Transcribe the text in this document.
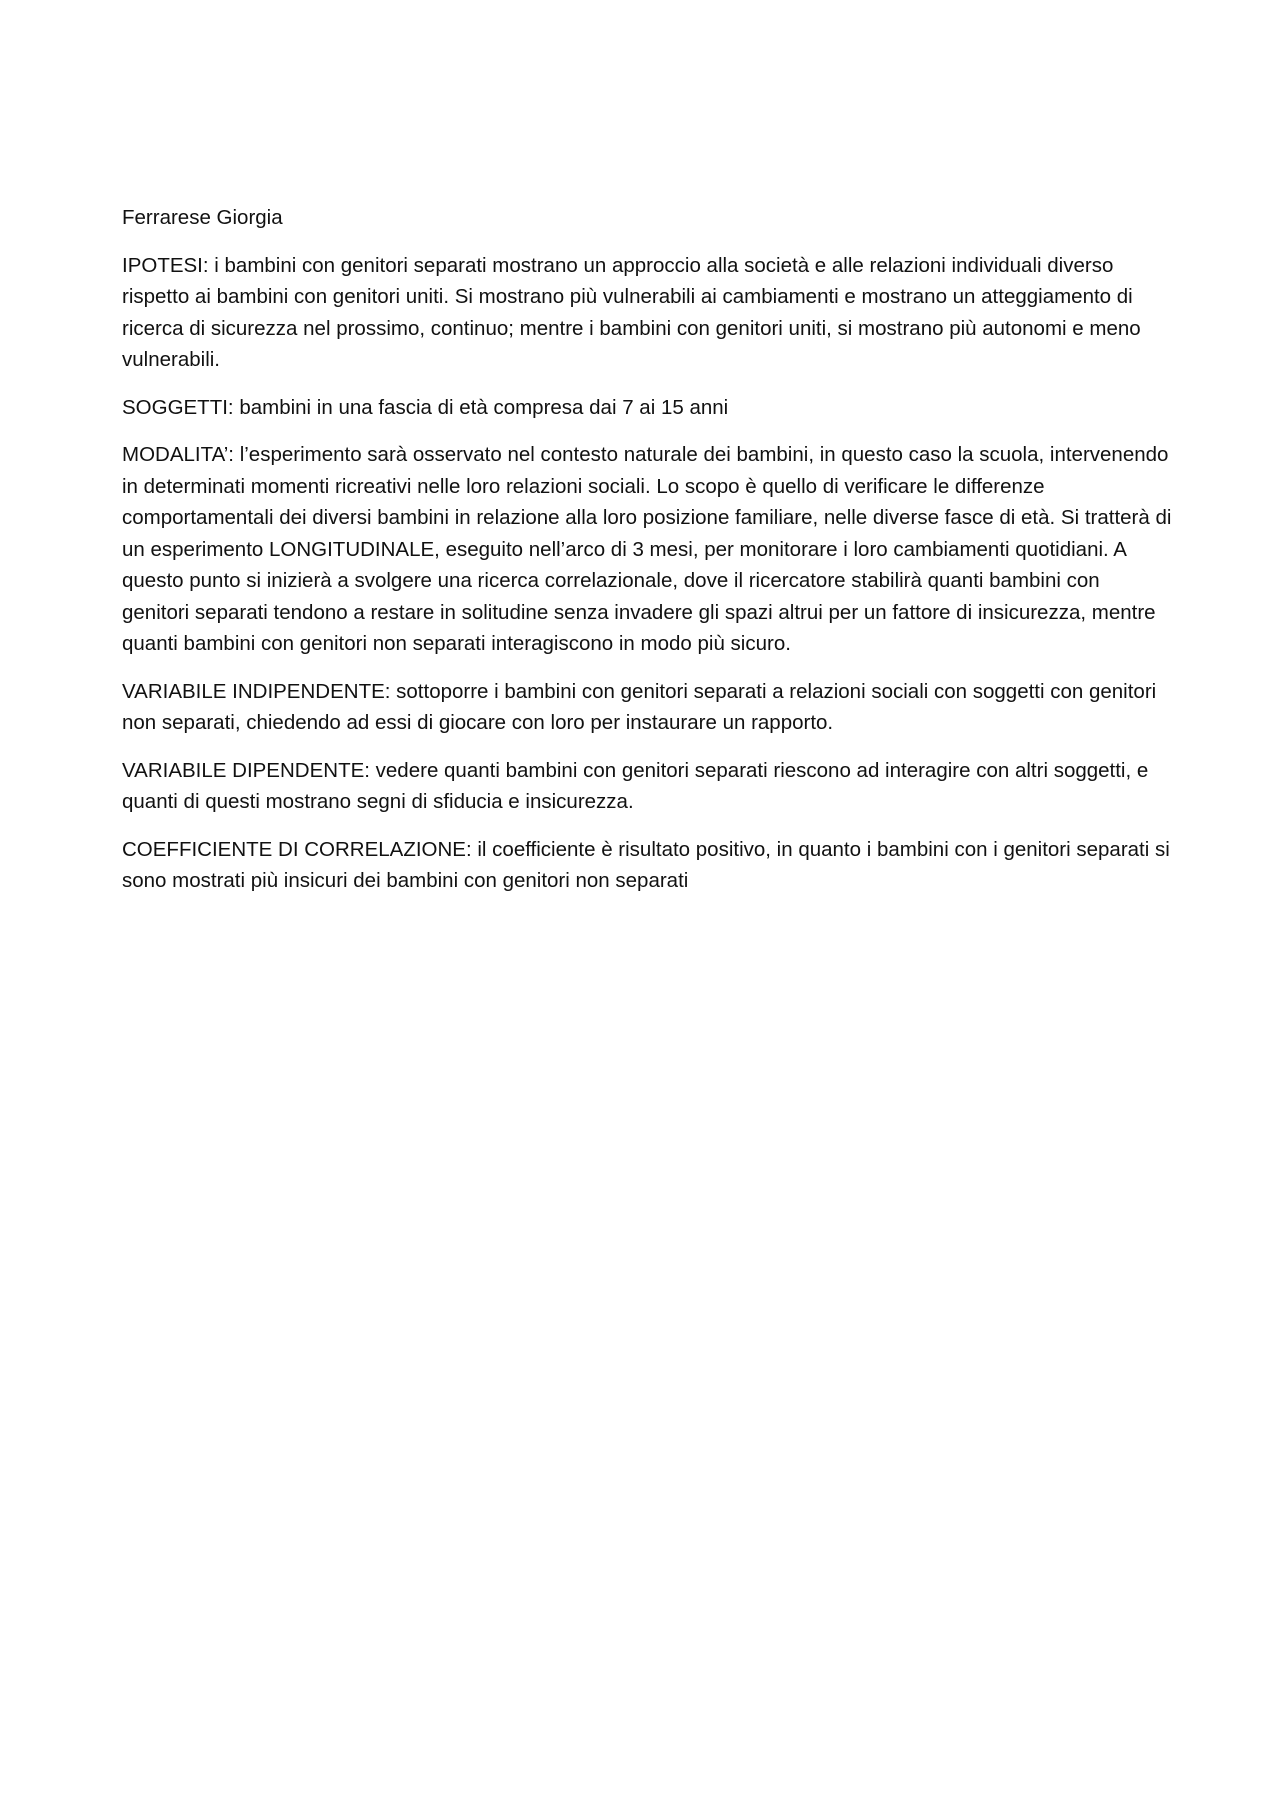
Ferrarese Giorgia

IPOTESI: i bambini con genitori separati mostrano un approccio alla società e alle relazioni individuali diverso rispetto ai bambini con genitori uniti. Si mostrano più vulnerabili ai cambiamenti e mostrano un atteggiamento di ricerca di sicurezza nel prossimo, continuo; mentre i bambini con genitori uniti, si mostrano più autonomi e meno vulnerabili.

SOGGETTI: bambini in una fascia di età compresa dai 7 ai 15 anni

MODALITA’: l’esperimento sarà osservato nel contesto naturale dei bambini, in questo caso la scuola, intervenendo in determinati momenti ricreativi nelle loro relazioni sociali. Lo scopo è quello di verificare le differenze comportamentali dei diversi bambini in relazione alla loro posizione familiare, nelle diverse fasce di età. Si tratterà di un esperimento LONGITUDINALE, eseguito nell’arco di 3 mesi, per monitorare i loro cambiamenti quotidiani. A questo punto si inizierà a svolgere una ricerca correlazionale, dove il ricercatore stabilirà quanti bambini con genitori separati tendono a restare in solitudine senza invadere gli spazi altrui per un fattore di insicurezza, mentre quanti bambini con genitori non separati interagiscono in modo più sicuro.

VARIABILE INDIPENDENTE: sottoporre i bambini con genitori separati a relazioni sociali con soggetti con genitori non separati, chiedendo ad essi di giocare con loro per instaurare un rapporto.

VARIABILE DIPENDENTE: vedere quanti bambini con genitori separati riescono ad interagire con altri soggetti, e quanti di questi mostrano segni di sfiducia e insicurezza.

COEFFICIENTE DI CORRELAZIONE: il coefficiente è risultato positivo, in quanto i bambini con i genitori separati si sono mostrati più insicuri dei bambini con genitori non separati
